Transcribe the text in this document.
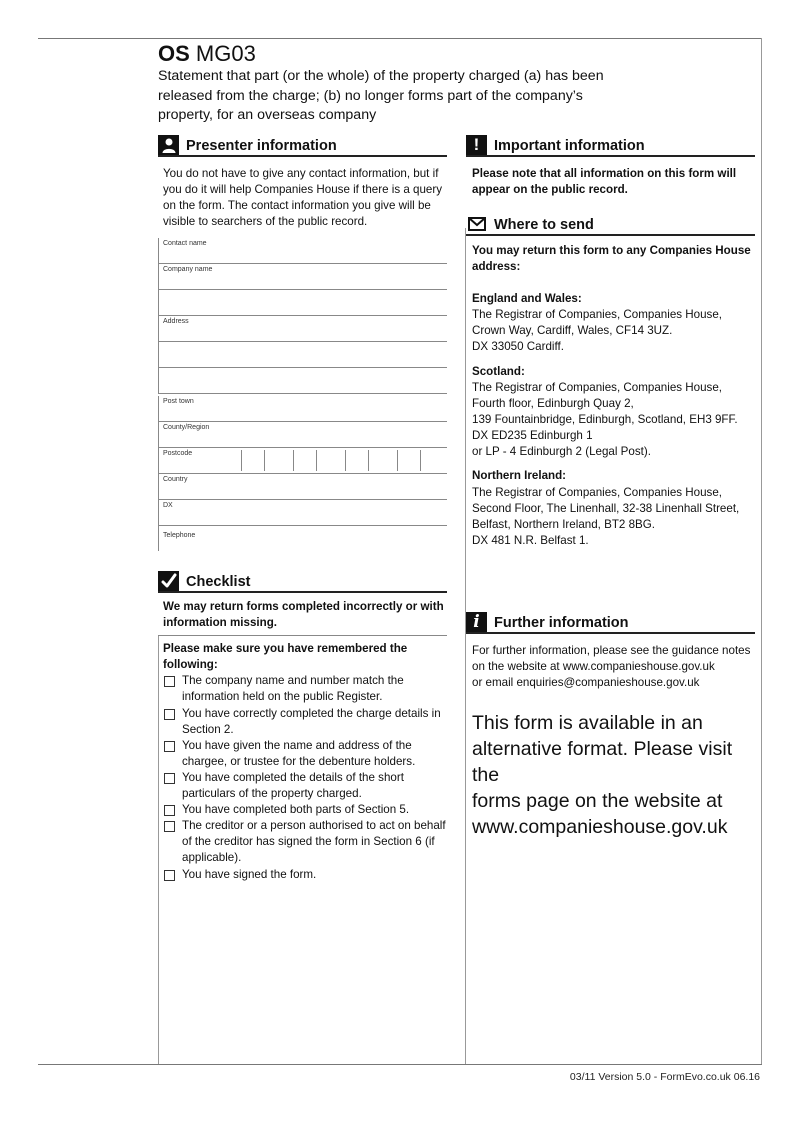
OS MG03
Statement that part (or the whole) of the property charged (a) has been released from the charge; (b) no longer forms part of the company’s property, for an overseas company
Presenter information
You do not have to give any contact information, but if you do it will help Companies House if there is a query on the form. The contact information you give will be visible to searchers of the public record.
Contact name
Company name
Address
Post town
County/Region
Postcode
Country
DX
Telephone
Checklist
We may return forms completed incorrectly or with information missing.
Please make sure you have remembered the following:
The company name and number match the information held on the public Register.
You have correctly completed the charge details in Section 2.
You have given the name and address of the chargee, or trustee for the debenture holders.
You have completed the details of the short particulars of the property charged.
You have completed both parts of Section 5.
The creditor or a person authorised to act on behalf of the creditor has signed the form in Section 6 (if applicable).
You have signed the form.
!	Important information
Please note that all information on this form will appear on the public record.
Where to send
You may return this form to any Companies House address:
England and Wales:
The Registrar of Companies, Companies House,
Crown Way, Cardiff, Wales, CF14 3UZ.
DX 33050 Cardiff.
Scotland:
The Registrar of Companies, Companies House,
Fourth floor, Edinburgh Quay 2,
139 Fountainbridge, Edinburgh, Scotland, EH3 9FF.
DX ED235 Edinburgh 1
or LP - 4 Edinburgh 2 (Legal Post).
Northern Ireland:
The Registrar of Companies, Companies House,
Second Floor, The Linenhall, 32-38 Linenhall Street,
Belfast, Northern Ireland, BT2 8BG.
DX 481 N.R. Belfast 1.
i Further information
For further information, please see the guidance notes
on the website at www.companieshouse.gov.uk
or email enquiries@companieshouse.gov.uk
This form is available in an
alternative format. Please visit the
forms page on the website at
www.companieshouse.gov.uk
03/11 Version 5.0 - FormEvo.co.uk 06.16
